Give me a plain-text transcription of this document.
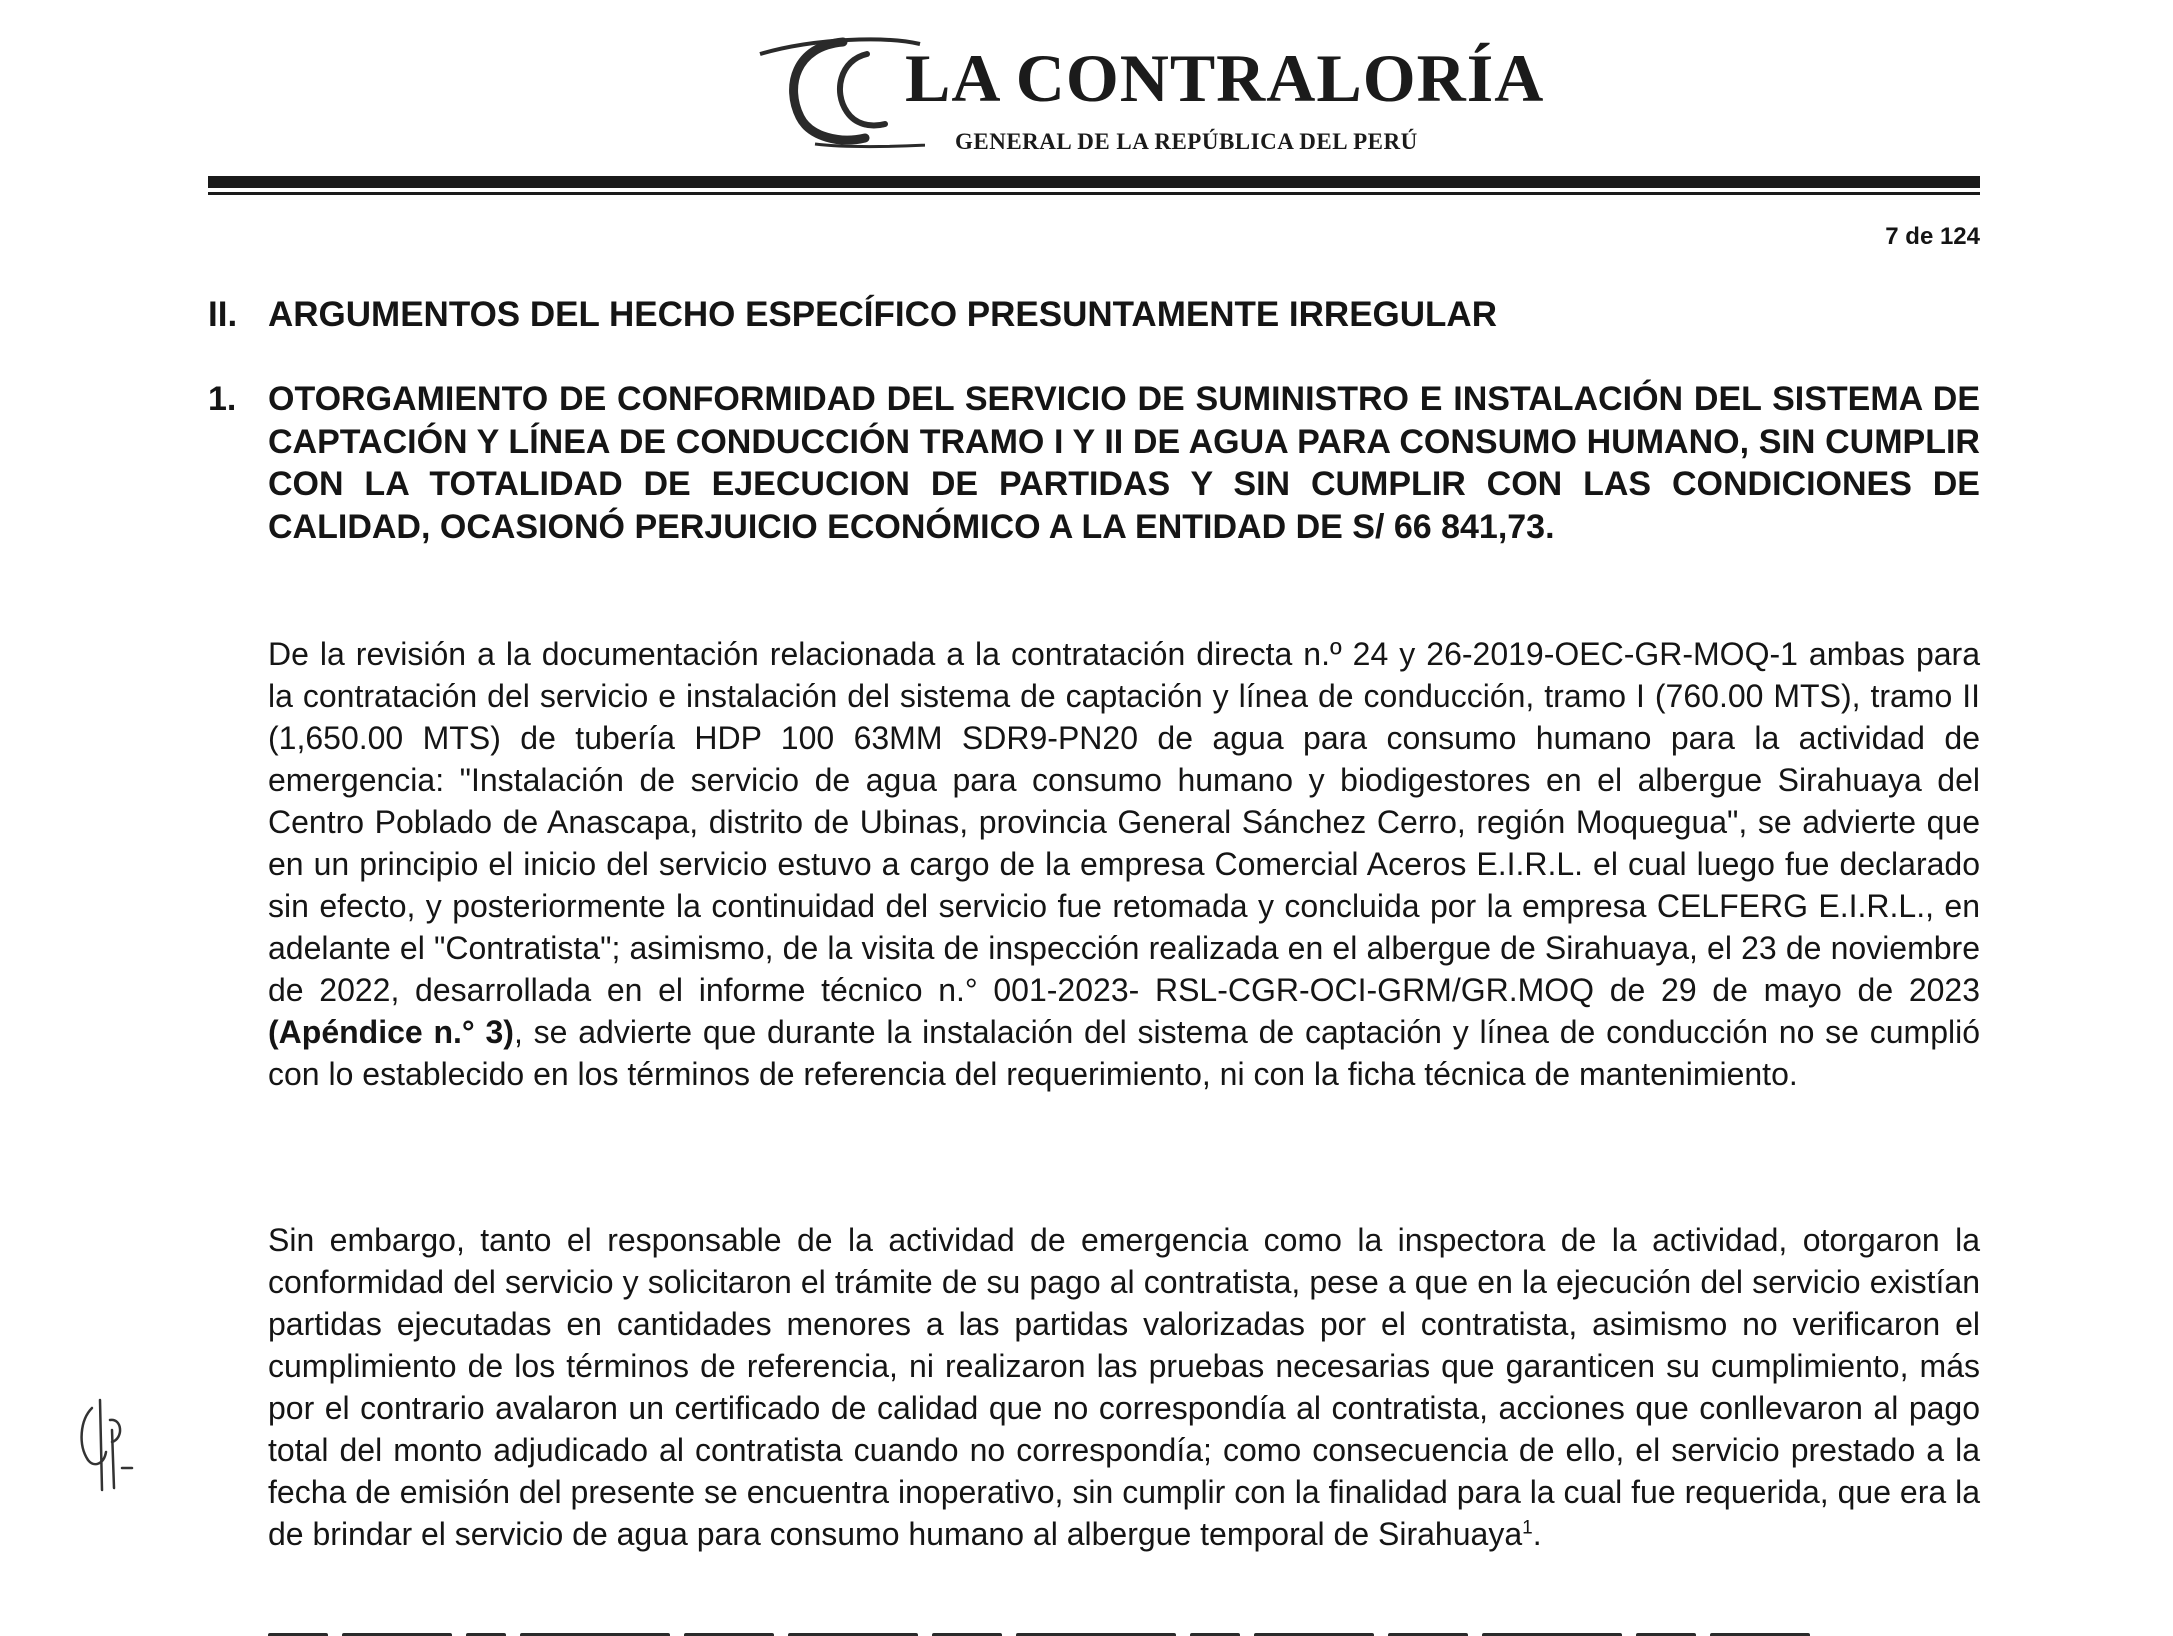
LA CONTRALORÍA
GENERAL DE LA REPÚBLICA DEL PERÚ
7 de 124
II. ARGUMENTOS DEL HECHO ESPECÍFICO PRESUNTAMENTE IRREGULAR
1. OTORGAMIENTO DE CONFORMIDAD DEL SERVICIO DE SUMINISTRO E INSTALACIÓN DEL SISTEMA DE CAPTACIÓN Y LÍNEA DE CONDUCCIÓN TRAMO I Y II DE AGUA PARA CONSUMO HUMANO, SIN CUMPLIR CON LA TOTALIDAD DE EJECUCION DE PARTIDAS Y SIN CUMPLIR CON LAS CONDICIONES DE CALIDAD, OCASIONÓ PERJUICIO ECONÓMICO A LA ENTIDAD DE S/ 66 841,73.
De la revisión a la documentación relacionada a la contratación directa n.º 24 y 26-2019-OEC-GR-MOQ-1 ambas para la contratación del servicio e instalación del sistema de captación y línea de conducción, tramo I (760.00 MTS), tramo II (1,650.00 MTS) de tubería HDP 100 63MM SDR9-PN20 de agua para consumo humano para la actividad de emergencia: "Instalación de servicio de agua para consumo humano y biodigestores en el albergue Sirahuaya del Centro Poblado de Anascapa, distrito de Ubinas, provincia General Sánchez Cerro, región Moquegua", se advierte que en un principio el inicio del servicio estuvo a cargo de la empresa Comercial Aceros E.I.R.L. el cual luego fue declarado sin efecto, y posteriormente la continuidad del servicio fue retomada y concluida por la empresa CELFERG E.I.R.L., en adelante el "Contratista"; asimismo, de la visita de inspección realizada en el albergue de Sirahuaya, el 23 de noviembre de 2022, desarrollada en el informe técnico n.° 001-2023- RSL-CGR-OCI-GRM/GR.MOQ de 29 de mayo de 2023 (Apéndice n.° 3), se advierte que durante la instalación del sistema de captación y línea de conducción no se cumplió con lo establecido en los términos de referencia del requerimiento, ni con la ficha técnica de mantenimiento.
Sin embargo, tanto el responsable de la actividad de emergencia como la inspectora de la actividad, otorgaron la conformidad del servicio y solicitaron el trámite de su pago al contratista, pese a que en la ejecución del servicio existían partidas ejecutadas en cantidades menores a las partidas valorizadas por el contratista, asimismo no verificaron el cumplimiento de los términos de referencia, ni realizaron las pruebas necesarias que garanticen su cumplimiento, más por el contrario avalaron un certificado de calidad que no correspondía al contratista, acciones que conllevaron al pago total del monto adjudicado al contratista cuando no correspondía; como consecuencia de ello, el servicio prestado a la fecha de emisión del presente se encuentra inoperativo, sin cumplir con la finalidad para la cual fue requerida, que era la de brindar el servicio de agua para consumo humano al albergue temporal de Sirahuaya$^1$.
